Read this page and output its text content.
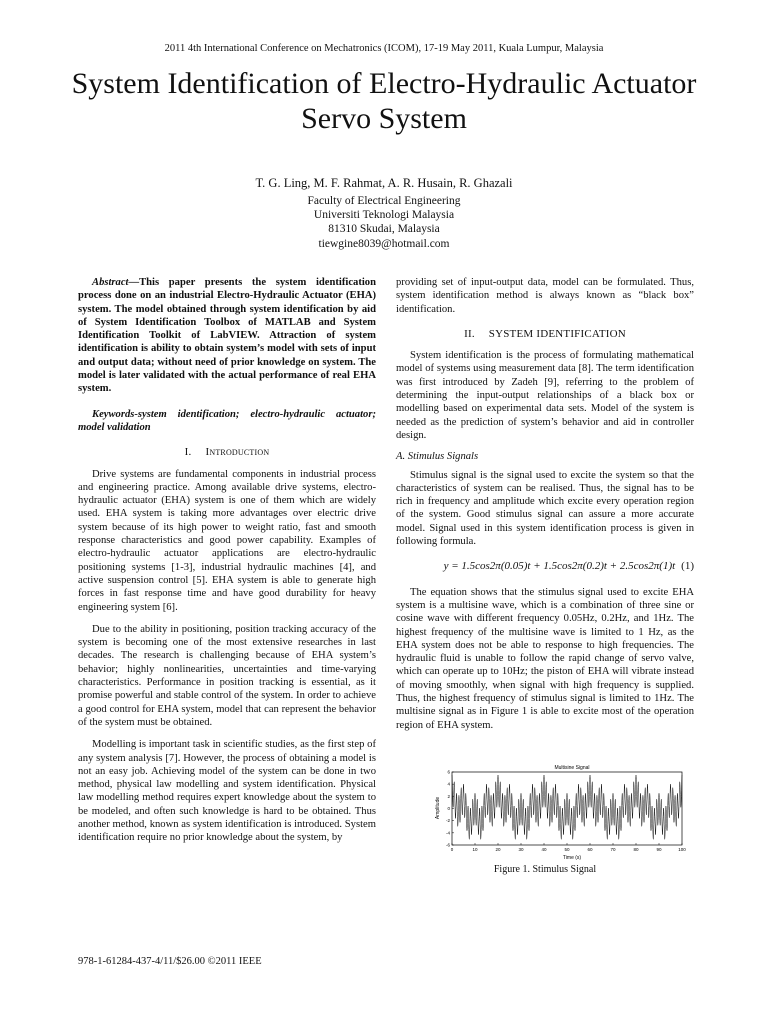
2011 4th International Conference on Mechatronics (ICOM), 17-19 May 2011, Kuala Lumpur, Malaysia
System Identification of Electro-Hydraulic Actuator
Servo System
T. G. Ling, M. F. Rahmat, A. R. Husain, R. Ghazali
Faculty of Electrical Engineering
Universiti Teknologi Malaysia
81310 Skudai, Malaysia
tiewgine8039@hotmail.com

Abstract—This paper presents the system identification process done on an industrial Electro-Hydraulic Actuator (EHA) system. The model obtained through system identification by aid of System Identification Toolbox of MATLAB and System Identification Toolkit of LabVIEW. Attraction of system identification is ability to obtain system’s model with sets of input and output data; without need of prior knowledge on system. The model is later validated with the actual performance of real EHA system.

Keywords-system identification; electro-hydraulic actuator; model validation

I. Introduction

Drive systems are fundamental components in industrial process and engineering practice. Among available drive systems, electro-hydraulic actuator (EHA) system is one of them which are widely used. EHA system is taking more advantages over electric drive system because of its high power to weight ratio, fast and smooth response characteristics and good power capability. Examples of electro-hydraulic actuator applications are electro-hydraulic positioning systems [1-3], industrial hydraulic machines [4], and active suspension control [5]. EHA system is able to generate high forces in fast response time and have good durability for heavy engineering system [6].

Due to the ability in positioning, position tracking accuracy of the system is becoming one of the most extensive researches in last decades. The research is challenging because of EHA system’s behavior; highly nonlinearities, uncertainties and time-varying characteristics. Performance in position tracking is essential, as it promise powerful and stable control of the system. In order to achieve a good control for EHA system, model that can represent the behavior of the system must be obtained.

Modelling is important task in scientific studies, as the first step of any system analysis [7]. However, the process of obtaining a model is not an easy job. Achieving model of the system can be done in two method, physical law modelling and system identification. Physical law modelling method requires expert knowledge about the system to be modeled, and often such knowledge is hard to be obtained. Thus another method, known as system identification is introduced. System identification require no prior knowledge about the system, by

providing set of input-output data, model can be formulated. Thus, system identification method is always known as “black box” identification.

II. SYSTEM IDENTIFICATION

System identification is the process of formulating mathematical model of systems using measurement data [8]. The term identification was first introduced by Zadeh [9], referring to the problem of determining the input-output relationships of a black box or modelling based on experimental data sets. Model of the system is needed as the prediction of system’s behavior and aid in controller design.

A. Stimulus Signals

Stimulus signal is the signal used to excite the system so that the characteristics of system can be realised. Thus, the signal has to be rich in frequency and amplitude which excite every operation region of the system. Good stimulus signal can assure a more accurate model. Signal used in this system identification process is given in following formula.

y = 1.5cos2π(0.05)t + 1.5cos2π(0.2)t + 2.5cos2π(1)t (1)

The equation shows that the stimulus signal used to excite EHA system is a multisine wave, which is a combination of three sine or cosine wave with different frequency 0.05Hz, 0.2Hz, and 1Hz. The highest frequency of the multisine wave is limited to 1 Hz, as the EHA system does not be able to response to high frequencies. The hydraulic fluid is unable to follow the rapid change of servo valve, which can operate up to 10Hz; the piston of EHA will vibrate instead of moving smoothly, when signal with high frequency is supplied. Thus, the highest frequency of stimulus signal is limited to 1Hz. The multisine signal as in Figure 1 is able to excite most of the operation region of EHA system.

Multisine Signal
Amplitude
Time (s)
0	10	20	30	40	50	60	70	80	90	100
6
4
2
0
-2
-4
-6
Figure 1. Stimulus Signal
978-1-61284-437-4/11/$26.00 ©2011 IEEE
